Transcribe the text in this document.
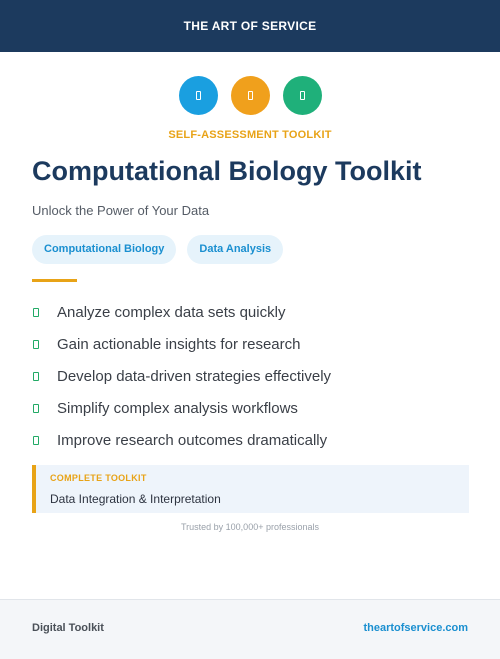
THE ART OF SERVICE
SELF-ASSESSMENT TOOLKIT
Computational Biology Toolkit
Unlock the Power of Your Data
Computational Biology	Data Analysis
Analyze complex data sets quickly
Gain actionable insights for research
Develop data-driven strategies effectively
Simplify complex analysis workflows
Improve research outcomes dramatically
COMPLETE TOOLKIT
Data Integration & Interpretation
Trusted by 100,000+ professionals
Digital Toolkit	theartofservice.com
